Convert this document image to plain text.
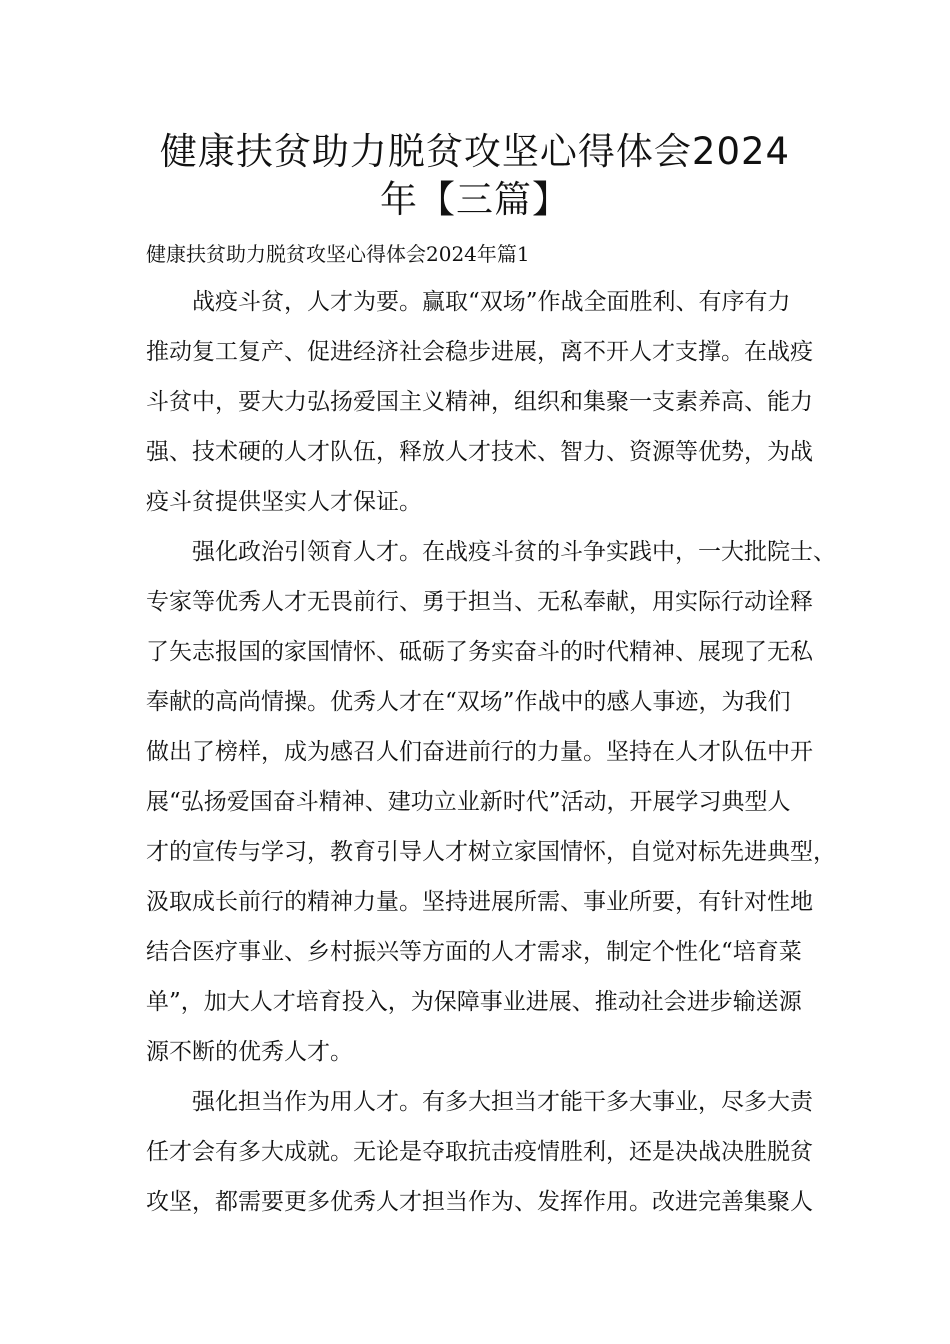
健康扶贫助力脱贫攻坚心得体会2024
年【三篇】

健康扶贫助力脱贫攻坚心得体会2024年篇1

战疫斗贫，人才为要。赢取“双场”作战全面胜利、有序有力
推动复工复产、促进经济社会稳步进展，离不开人才支撑。在战疫
斗贫中，要大力弘扬爱国主义精神，组织和集聚一支素养高、能力
强、技术硬的人才队伍，释放人才技术、智力、资源等优势，为战
疫斗贫提供坚实人才保证。
强化政治引领育人才。在战疫斗贫的斗争实践中，一大批院士、
专家等优秀人才无畏前行、勇于担当、无私奉献，用实际行动诠释
了矢志报国的家国情怀、砥砺了务实奋斗的时代精神、展现了无私
奉献的高尚情操。优秀人才在“双场”作战中的感人事迹，为我们
做出了榜样，成为感召人们奋进前行的力量。坚持在人才队伍中开
展“弘扬爱国奋斗精神、建功立业新时代”活动，开展学习典型人
才的宣传与学习，教育引导人才树立家国情怀，自觉对标先进典型，
汲取成长前行的精神力量。坚持进展所需、事业所要，有针对性地
结合医疗事业、乡村振兴等方面的人才需求，制定个性化“培育菜
单”，加大人才培育投入，为保障事业进展、推动社会进步输送源
源不断的优秀人才。
强化担当作为用人才。有多大担当才能干多大事业，尽多大责
任才会有多大成就。无论是夺取抗击疫情胜利，还是决战决胜脱贫
攻坚，都需要更多优秀人才担当作为、发挥作用。改进完善集聚人
